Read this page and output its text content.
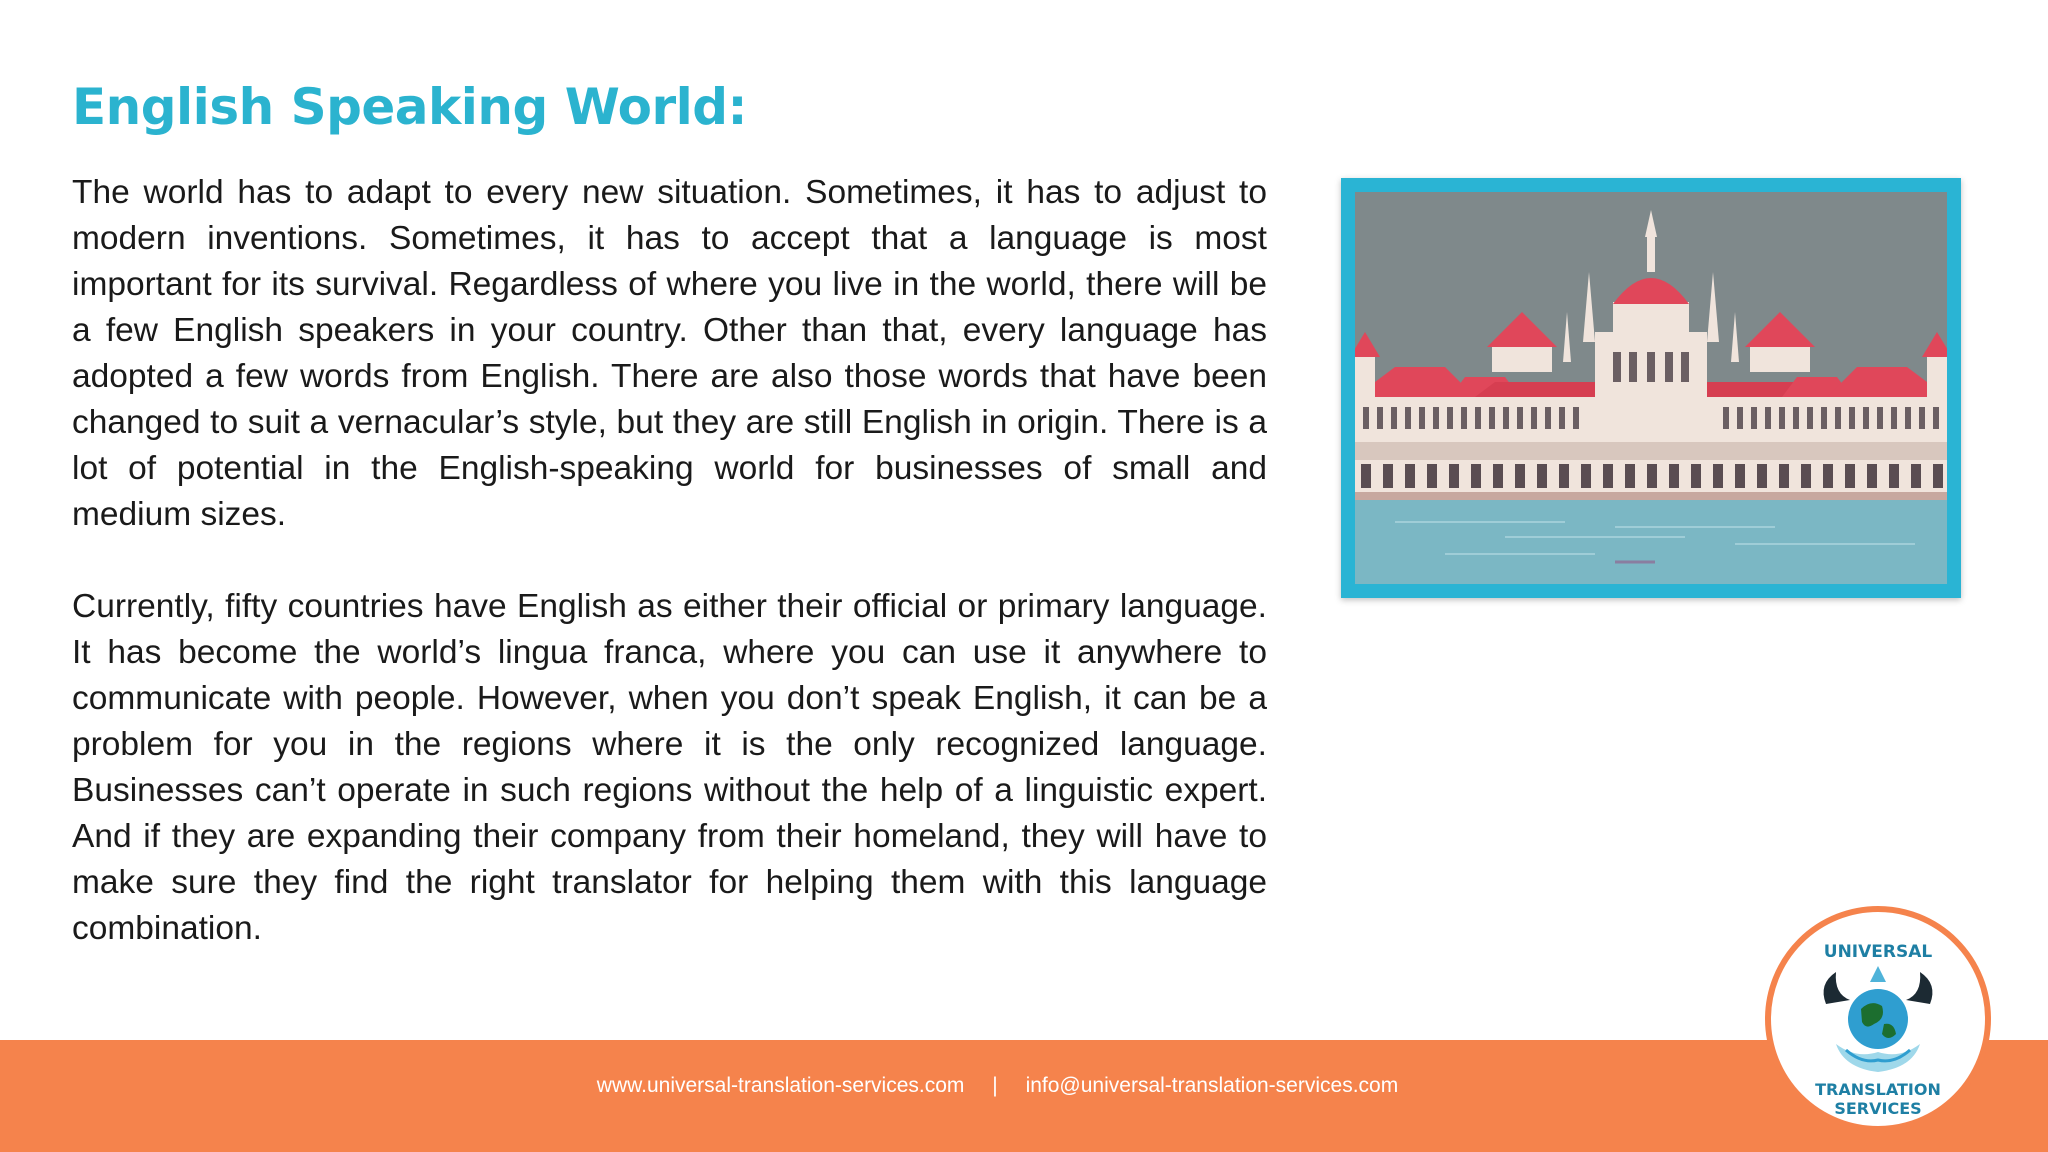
English Speaking World:

The world has to adapt to every new situation. Sometimes, it has to adjust to modern inventions. Sometimes, it has to accept that a language is most important for its survival. Regardless of where you live in the world, there will be a few English speakers in your country. Other than that, every language has adopted a few words from English. There are also those words that have been changed to suit a vernacular’s style, but they are still English in origin. There is a lot of potential in the English-speaking world for businesses of small and medium sizes.

Currently, fifty countries have English as either their official or primary language. It has become the world’s lingua franca, where you can use it anywhere to communicate with people. However, when you don’t speak English, it can be a problem for you in the regions where it is the only recognized language. Businesses can’t operate in such regions without the help of a linguistic expert. And if they are expanding their company from their homeland, they will have to make sure they find the right translator for helping them with this language combination.

www.universal-translation-services.com | info@universal-translation-services.com
UNIVERSAL
TRANSLATION
SERVICES
